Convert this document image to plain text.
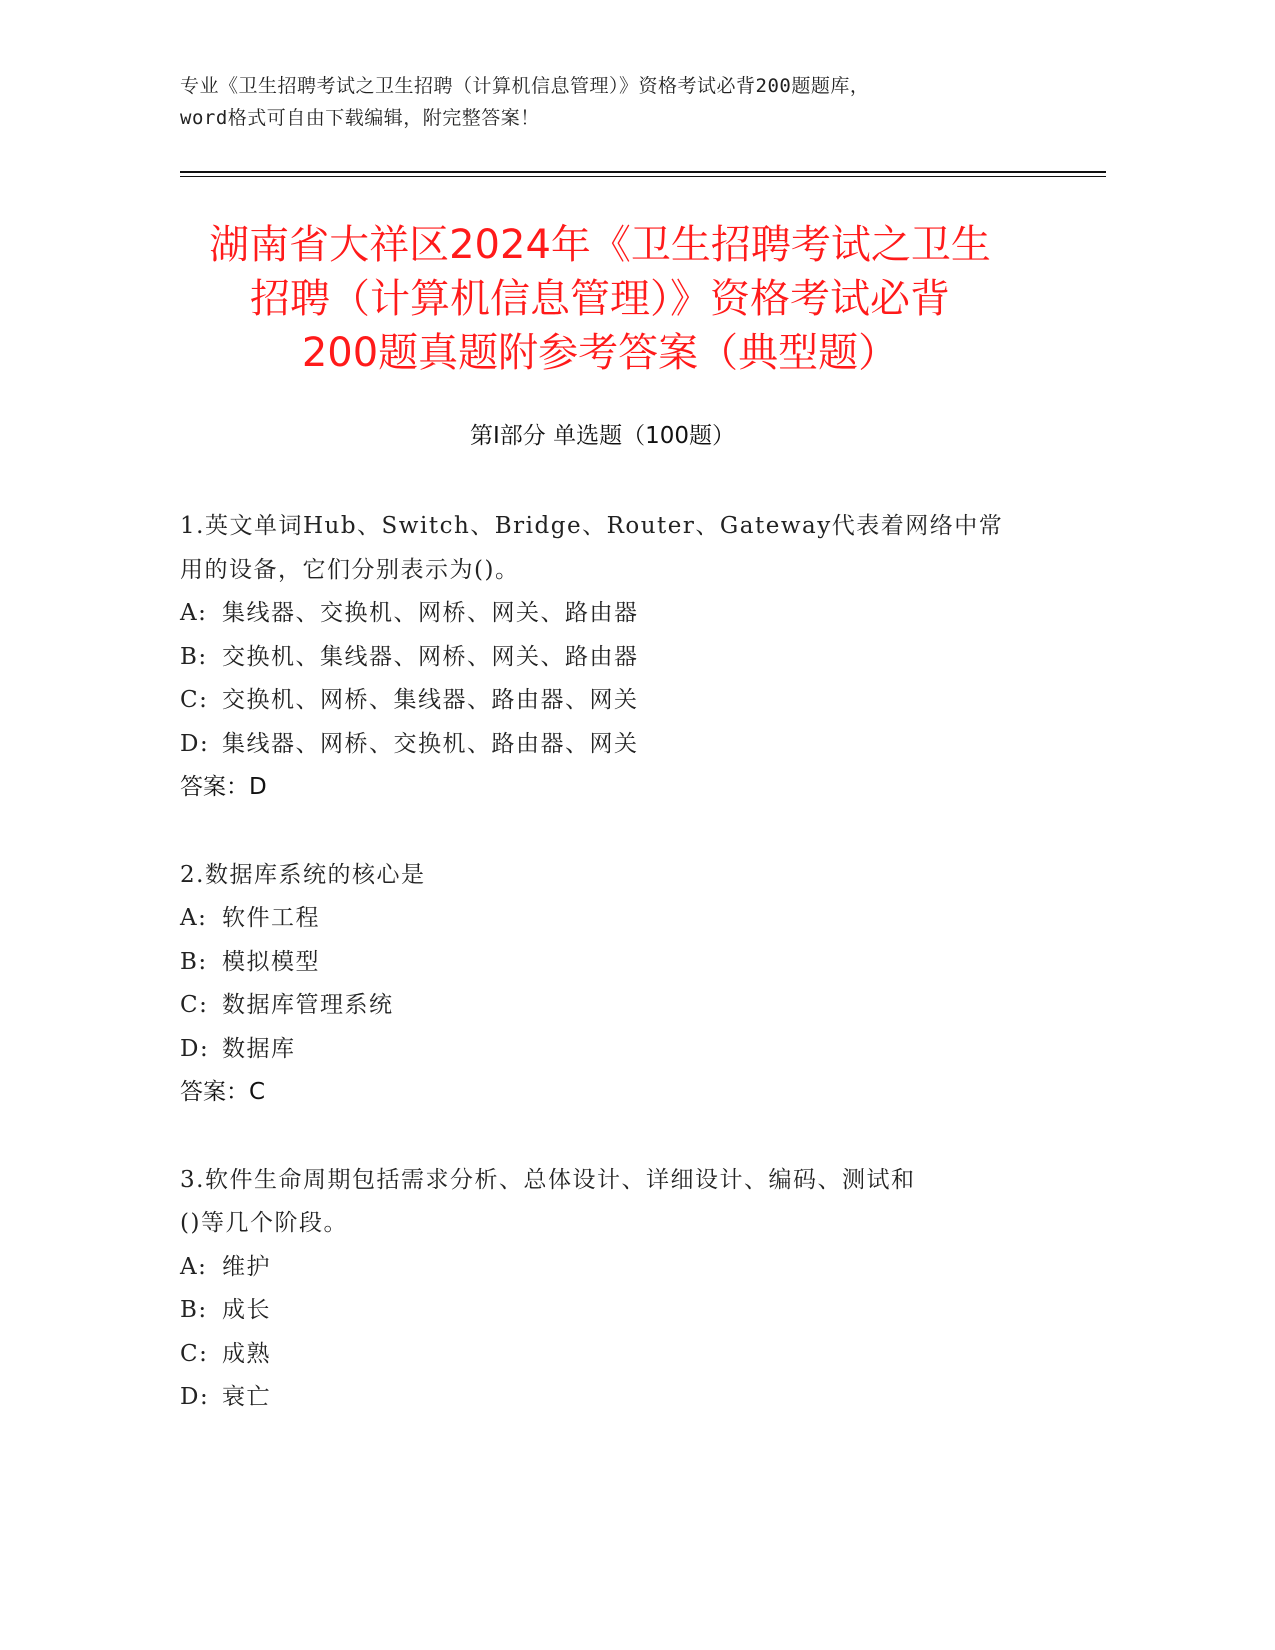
专业《卫生招聘考试之卫生招聘（计算机信息管理）》资格考试必背200题题库，
word格式可自由下载编辑，附完整答案！
湖南省大祥区2024年《卫生招聘考试之卫生
招聘（计算机信息管理）》资格考试必背
200题真题附参考答案（典型题）
第Ⅰ部分 单选题（100题）
1.英文单词Hub、Switch、Bridge、Router、Gateway代表着网络中常
用的设备，它们分别表示为()。
A: 集线器、交换机、网桥、网关、路由器
B: 交换机、集线器、网桥、网关、路由器
C: 交换机、网桥、集线器、路由器、网关
D: 集线器、网桥、交换机、路由器、网关
答案：D
2.数据库系统的核心是
A: 软件工程
B: 模拟模型
C: 数据库管理系统
D: 数据库
答案：C
3.软件生命周期包括需求分析、总体设计、详细设计、编码、测试和
()等几个阶段。
A: 维护
B: 成长
C: 成熟
D: 衰亡
